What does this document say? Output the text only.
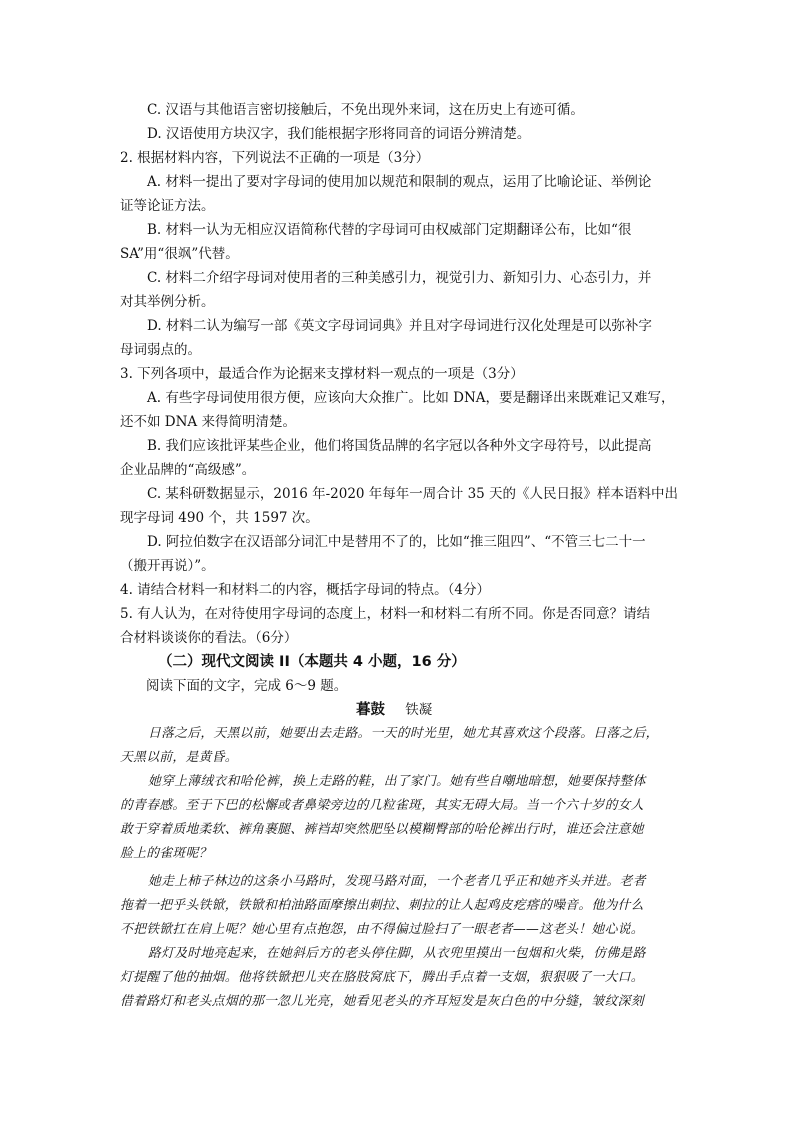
C. 汉语与其他语言密切接触后，不免出现外来词，这在历史上有迹可循。
D. 汉语使用方块汉字，我们能根据字形将同音的词语分辨清楚。
2. 根据材料内容，下列说法不正确的一项是（3分）
A. 材料一提出了要对字母词的使用加以规范和限制的观点，运用了比喻论证、举例论
证等论证方法。
B. 材料一认为无相应汉语简称代替的字母词可由权威部门定期翻译公布，比如“很
SA”用“很飒”代替。
C. 材料二介绍字母词对使用者的三种美感引力，视觉引力、新知引力、心态引力，并
对其举例分析。
D. 材料二认为编写一部《英文字母词词典》并且对字母词进行汉化处理是可以弥补字
母词弱点的。
3. 下列各项中，最适合作为论据来支撑材料一观点的一项是（3分）
A. 有些字母词使用很方便，应该向大众推广。比如 DNA，要是翻译出来既难记又难写，
还不如 DNA 来得简明清楚。
B. 我们应该批评某些企业，他们将国货品牌的名字冠以各种外文字母符号，以此提高
企业品牌的“高级感”。
C. 某科研数据显示，2016 年-2020 年每年一周合计 35 天的《人民日报》样本语料中出
现字母词 490 个，共 1597 次。
D. 阿拉伯数字在汉语部分词汇中是替用不了的，比如“推三阻四”、“不管三七二十一
（搬开再说）”。
4. 请结合材料一和材料二的内容，概括字母词的特点。（4分）
5. 有人认为，在对待使用字母词的态度上，材料一和材料二有所不同。你是否同意？请结
合材料谈谈你的看法。（6分）
（二）现代文阅读 II（本题共 4 小题，16 分）
阅读下面的文字，完成 6～9 题。
暮鼓 铁凝
日落之后，天黑以前，她要出去走路。一天的时光里，她尤其喜欢这个段落。日落之后，
天黑以前，是黄昏。
她穿上薄绒衣和哈伦裤，换上走路的鞋，出了家门。她有些自嘲地暗想，她要保持整体
的青春感。至于下巴的松懈或者鼻梁旁边的几粒雀斑，其实无碍大局。当一个六十岁的女人
敢于穿着质地柔软、裤角裹腿、裤裆却突然肥坠以模糊臀部的哈伦裤出行时，谁还会注意她
脸上的雀斑呢？
她走上柿子林边的这条小马路时，发现马路对面，一个老者几乎正和她齐头并进。老者
拖着一把乎头铁锨，铁锨和柏油路面摩擦出刺拉、刺拉的让人起鸡皮疙瘩的噪音。他为什么
不把铁锨扛在肩上呢？她心里有点抱怨，由不得偏过脸扫了一眼老者——这老头！她心说。
路灯及时地亮起来，在她斜后方的老头停住脚，从衣兜里摸出一包烟和火柴，仿佛是路
灯提醒了他的抽烟。他将铁锨把儿夹在胳肢窝底下，腾出手点着一支烟，狠狠吸了一大口。
借着路灯和老头点烟的那一忽儿光亮，她看见老头的齐耳短发是灰白色的中分缝，皱纹深刻
